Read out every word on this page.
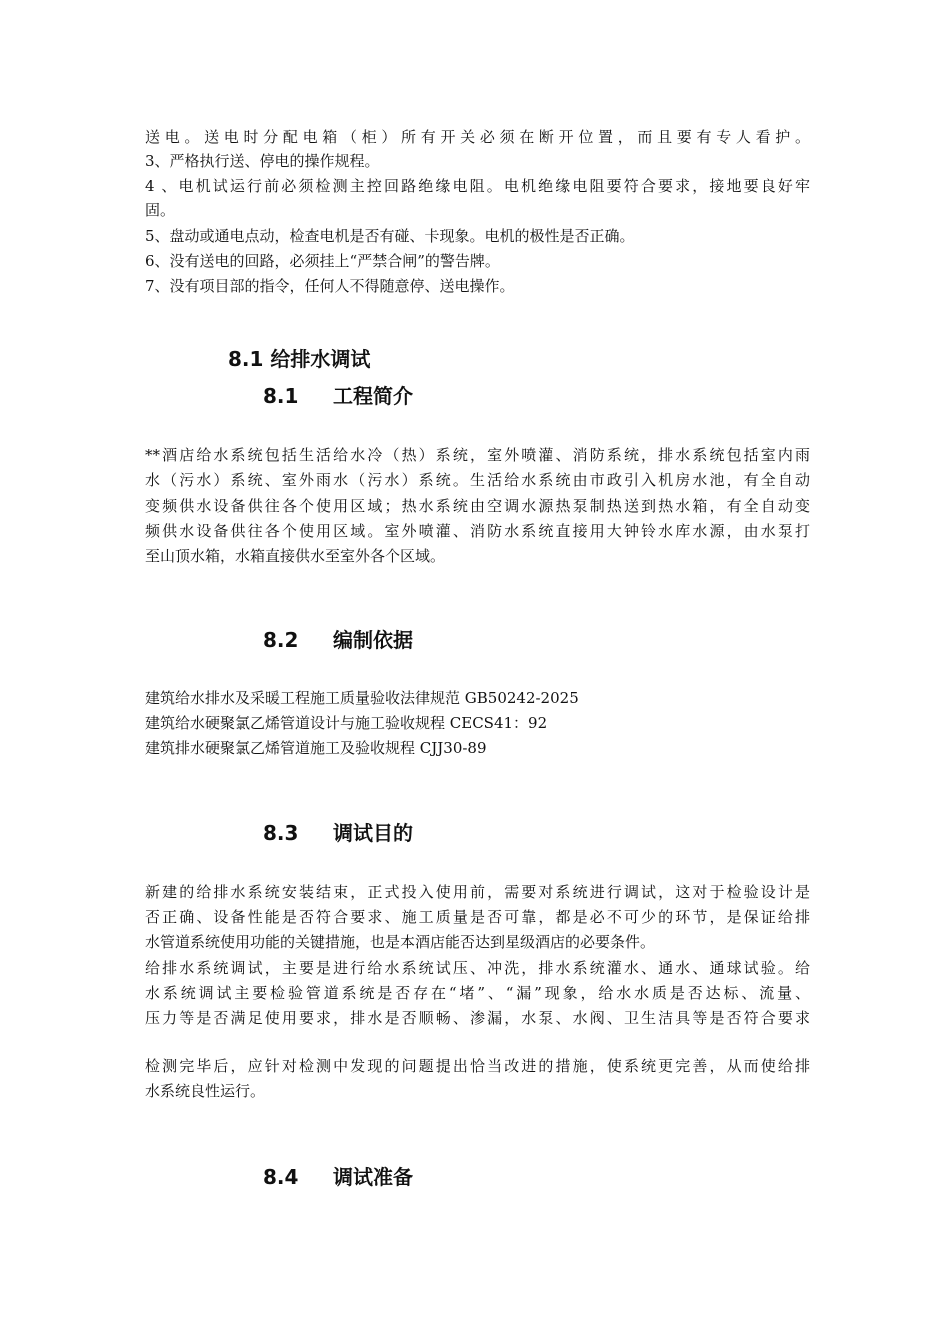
送电。送电时分配电箱（柜）所有开关必须在断开位置，而且要有专人看护。
3、严格执行送、停电的操作规程。
4 、电机试运行前必须检测主控回路绝缘电阻。电机绝缘电阻要符合要求，接地要良好牢
固。
5、盘动或通电点动，检查电机是否有碰、卡现象。电机的极性是否正确。
6、没有送电的回路，必须挂上“严禁合闸”的警告牌。
7、没有项目部的指令，任何人不得随意停、送电操作。
8.1 给排水调试
8.1 工程简介
**酒店给水系统包括生活给水冷（热）系统，室外喷灌、消防系统，排水系统包括室内雨
水（污水）系统、室外雨水（污水）系统。生活给水系统由市政引入机房水池，有全自动
变频供水设备供往各个使用区域；热水系统由空调水源热泵制热送到热水箱，有全自动变
频供水设备供往各个使用区域。室外喷灌、消防水系统直接用大钟铃水库水源，由水泵打
至山顶水箱，水箱直接供水至室外各个区域。
8.2 编制依据
建筑给水排水及采暖工程施工质量验收法律规范 GB50242-2025
建筑给水硬聚氯乙烯管道设计与施工验收规程 CECS41：92
建筑排水硬聚氯乙烯管道施工及验收规程 CJJ30-89
8.3 调试目的
新建的给排水系统安装结束，正式投入使用前，需要对系统进行调试，这对于检验设计是
否正确、设备性能是否符合要求、施工质量是否可靠，都是必不可少的环节，是保证给排
水管道系统使用功能的关键措施，也是本酒店能否达到星级酒店的必要条件。
给排水系统调试，主要是进行给水系统试压、冲洗，排水系统灌水、通水、通球试验。给
水系统调试主要检验管道系统是否存在“堵”、“漏”现象，给水水质是否达标、流量、
压力等是否满足使用要求，排水是否顺畅、渗漏，水泵、水阀、卫生洁具等是否符合要求
检测完毕后，应针对检测中发现的问题提出恰当改进的措施，使系统更完善，从而使给排
水系统良性运行。
8.4 调试准备
